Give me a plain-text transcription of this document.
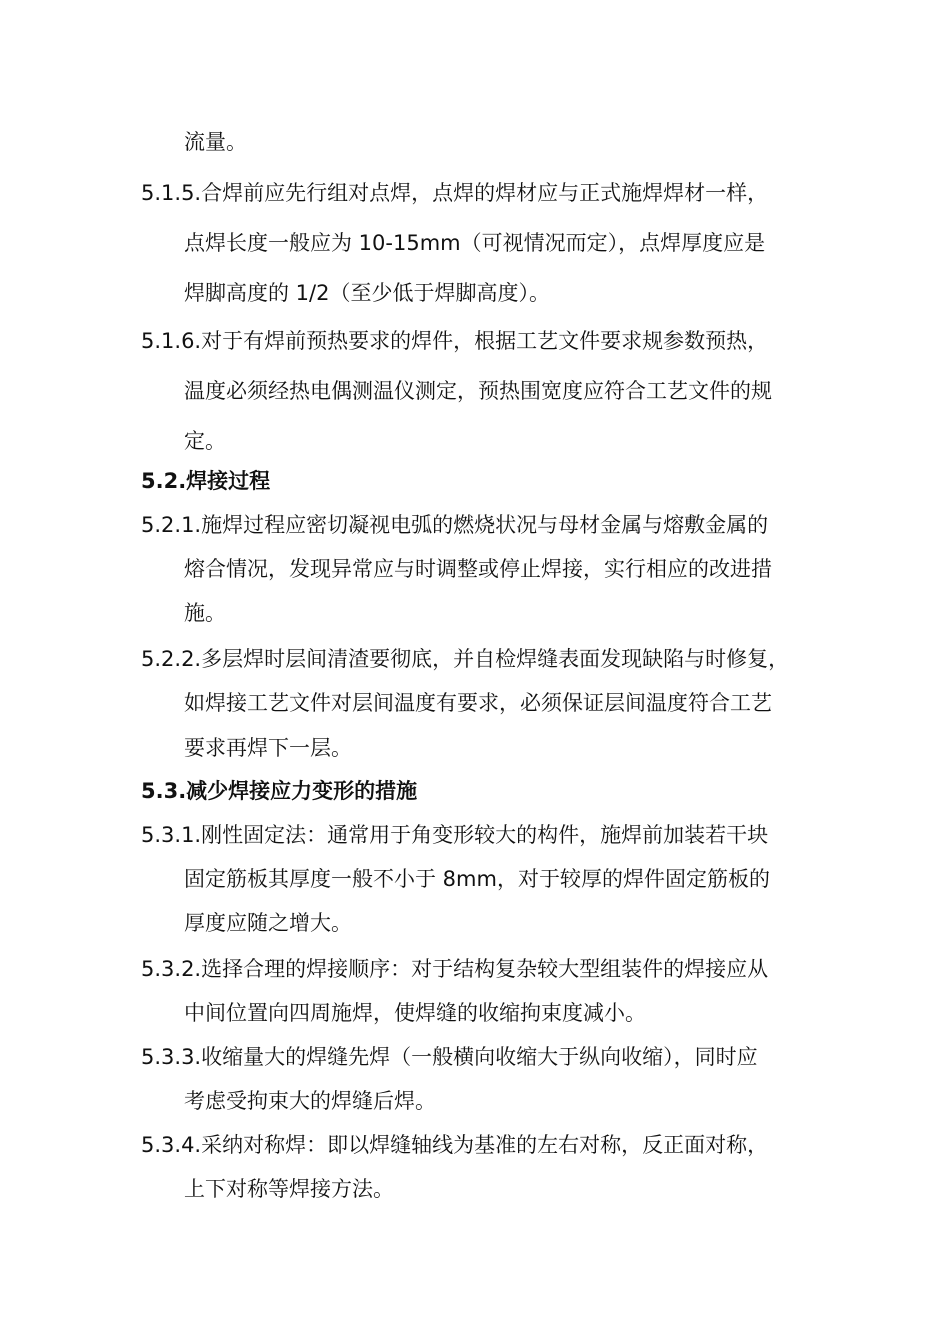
流量。
5.1.5.合焊前应先行组对点焊，点焊的焊材应与正式施焊焊材一样，
点焊长度一般应为 10-15mm（可视情况而定），点焊厚度应是
焊脚高度的 1/2（至少低于焊脚高度）。
5.1.6.对于有焊前预热要求的焊件，根据工艺文件要求规参数预热，
温度必须经热电偶测温仪测定，预热围宽度应符合工艺文件的规
定。
5.2.焊接过程
5.2.1.施焊过程应密切凝视电弧的燃烧状况与母材金属与熔敷金属的
熔合情况，发现异常应与时调整或停止焊接，实行相应的改进措
施。
5.2.2.多层焊时层间清渣要彻底，并自检焊缝表面发现缺陷与时修复，
如焊接工艺文件对层间温度有要求，必须保证层间温度符合工艺
要求再焊下一层。
5.3.减少焊接应力变形的措施
5.3.1.刚性固定法：通常用于角变形较大的构件，施焊前加装若干块
固定筋板其厚度一般不小于 8mm，对于较厚的焊件固定筋板的
厚度应随之增大。
5.3.2.选择合理的焊接顺序：对于结构复杂较大型组装件的焊接应从
中间位置向四周施焊，使焊缝的收缩拘束度减小。
5.3.3.收缩量大的焊缝先焊（一般横向收缩大于纵向收缩），同时应
考虑受拘束大的焊缝后焊。
5.3.4.采纳对称焊：即以焊缝轴线为基准的左右对称，反正面对称，
上下对称等焊接方法。
